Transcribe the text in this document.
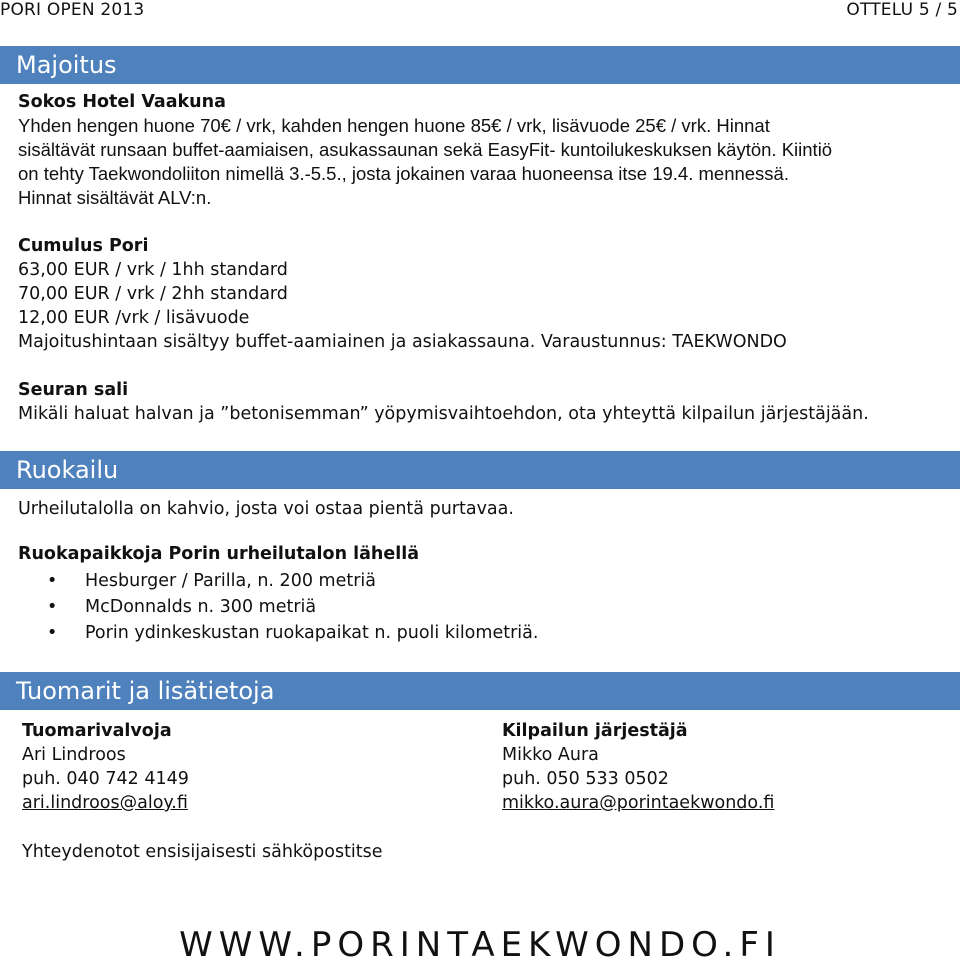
PORI OPEN 2013	OTTELU 5 / 5
Majoitus
Sokos Hotel Vaakuna
Yhden hengen huone 70€ / vrk, kahden hengen huone 85€ / vrk, lisävuode 25€ / vrk. Hinnat
sisältävät runsaan buffet-aamiaisen, asukassaunan sekä EasyFit- kuntoilukeskuksen käytön. Kiintiö
on tehty Taekwondoliiton nimellä 3.-5.5., josta jokainen varaa huoneensa itse 19.4. mennessä.
Hinnat sisältävät ALV:n.
Cumulus Pori
63,00 EUR / vrk / 1hh standard
70,00 EUR / vrk / 2hh standard
12,00 EUR /vrk / lisävuode
Majoitushintaan sisältyy buffet-aamiainen ja asiakassauna. Varaustunnus: TAEKWONDO
Seuran sali
Mikäli haluat halvan ja ”betonisemman” yöpymisvaihtoehdon, ota yhteyttä kilpailun järjestäjään.
Ruokailu
Urheilutalolla on kahvio, josta voi ostaa pientä purtavaa.
Ruokapaikkoja Porin urheilutalon lähellä
• Hesburger / Parilla, n. 200 metriä
• McDonnalds n. 300 metriä
• Porin ydinkeskustan ruokapaikat n. puoli kilometriä.
Tuomarit ja lisätietoja
Tuomarivalvoja
Ari Lindroos
puh. 040 742 4149
ari.lindroos@aloy.fi
Kilpailun järjestäjä
Mikko Aura
puh. 050 533 0502
mikko.aura@porintaekwondo.fi
Yhteydenotot ensisijaisesti sähköpostitse
WWW.PORINTAEKWONDO.FI
